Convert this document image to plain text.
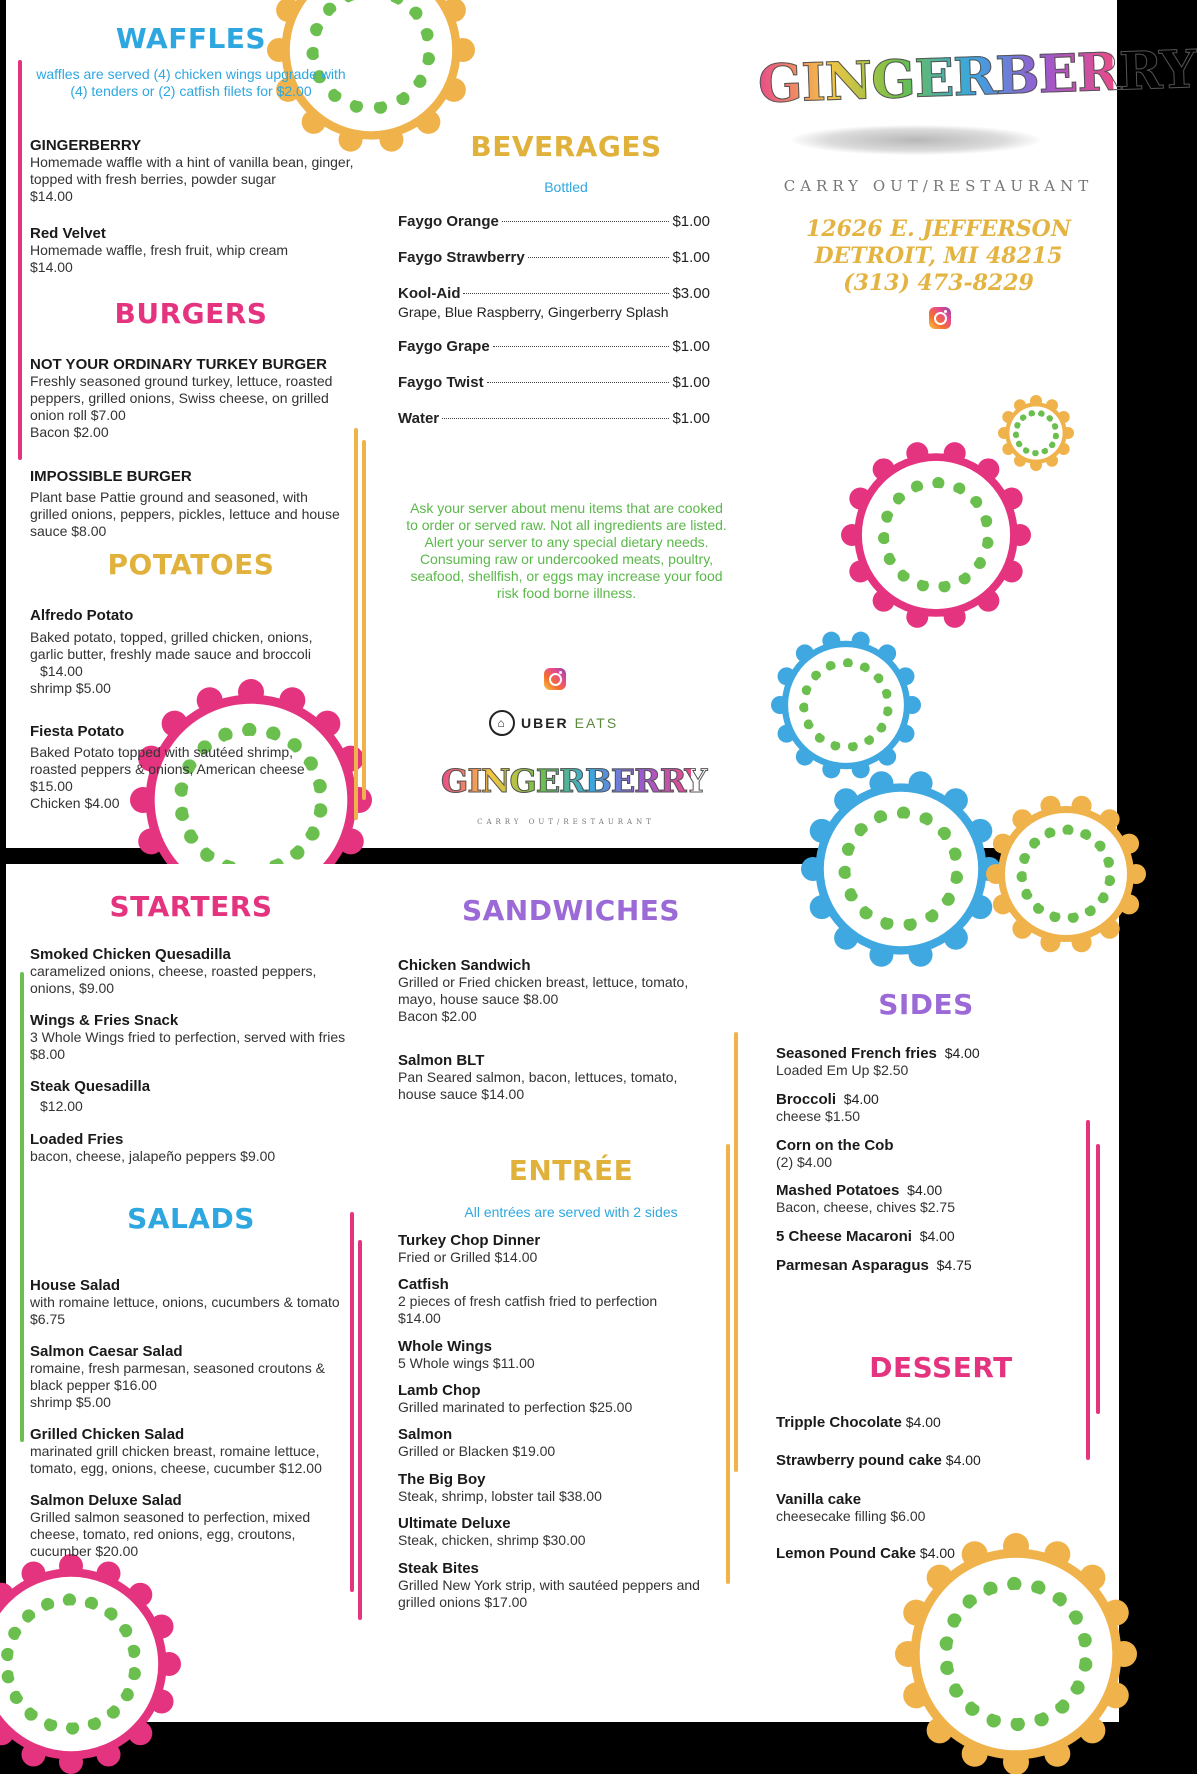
WAFFLES
waffles are served (4) chicken wings upgrade with (4) tenders or (2) catfish filets for $2.00
GINGERBERRY
Homemade waffle with a hint of vanilla bean, ginger, topped with fresh berries, powder sugar
$14.00
Red Velvet
Homemade waffle, fresh fruit, whip cream
$14.00
BURGERS
NOT YOUR ORDINARY TURKEY BURGER
Freshly seasoned ground turkey, lettuce, roasted peppers, grilled onions, Swiss cheese, on grilled onion roll $7.00
Bacon $2.00
IMPOSSIBLE BURGER
Plant base Pattie ground and seasoned, with grilled onions, peppers, pickles, lettuce and house sauce $8.00
POTATOES
Alfredo Potato
Baked potato, topped, grilled chicken, onions, garlic butter, freshly made sauce and broccoli
$14.00
shrimp $5.00
Fiesta Potato
Baked Potato topped with sautéed shrimp, roasted peppers & onions, American cheese
$15.00
Chicken $4.00
BEVERAGES
Bottled
Faygo Orange	$1.00
Faygo Strawberry	$1.00
Kool-Aid	$3.00
Grape, Blue Raspberry, Gingerberry Splash
Faygo Grape	$1.00
Faygo Twist	$1.00
Water	$1.00
Ask your server about menu items that are cooked to order or served raw. Not all ingredients are listed. Alert your server to any special dietary needs. Consuming raw or undercooked meats, poultry, seafood, shellfish, or eggs may increase your food risk food borne illness.
⌂	UBER EATS
GINGERBERRY
CARRY OUT/RESTAURANT
GINGERBERRY
CARRY OUT/RESTAURANT
12626 E. JEFFERSON
DETROIT, MI 48215
(313) 473-8229
STARTERS
Smoked Chicken Quesadilla
caramelized onions, cheese, roasted peppers, onions, $9.00
Wings & Fries Snack
3 Whole Wings fried to perfection, served with fries $8.00
Steak Quesadilla
$12.00
Loaded Fries
bacon, cheese, jalapeño peppers $9.00
SALADS
House Salad
with romaine lettuce, onions, cucumbers & tomato $6.75
Salmon Caesar Salad
romaine, fresh parmesan, seasoned croutons & black pepper $16.00
shrimp $5.00
Grilled Chicken Salad
marinated grill chicken breast, romaine lettuce, tomato, egg, onions, cheese, cucumber $12.00
Salmon Deluxe Salad
Grilled salmon seasoned to perfection, mixed cheese, tomato, red onions, egg, croutons, cucumber $20.00
SANDWICHES
Chicken Sandwich
Grilled or Fried chicken breast, lettuce, tomato, mayo, house sauce $8.00
Bacon $2.00
Salmon BLT
Pan Seared salmon, bacon, lettuces, tomato, house sauce $14.00
ENTRÉE
All entrées are served with 2 sides
Turkey Chop Dinner
Fried or Grilled $14.00
Catfish
2 pieces of fresh catfish fried to perfection
$14.00
Whole Wings
5 Whole wings $11.00
Lamb Chop
Grilled marinated to perfection $25.00
Salmon
Grilled or Blacken $19.00
The Big Boy
Steak, shrimp, lobster tail $38.00
Ultimate Deluxe
Steak, chicken, shrimp $30.00
Steak Bites
Grilled New York strip, with sautéed peppers and grilled onions $17.00
SIDES
Seasoned French fries $4.00
Loaded Em Up $2.50
Broccoli $4.00
cheese $1.50
Corn on the Cob
(2) $4.00
Mashed Potatoes $4.00
Bacon, cheese, chives $2.75
5 Cheese Macaroni $4.00
Parmesan Asparagus $4.75
DESSERT
Tripple Chocolate $4.00
Strawberry pound cake $4.00
Vanilla cake
cheesecake filling $6.00
Lemon Pound Cake $4.00
